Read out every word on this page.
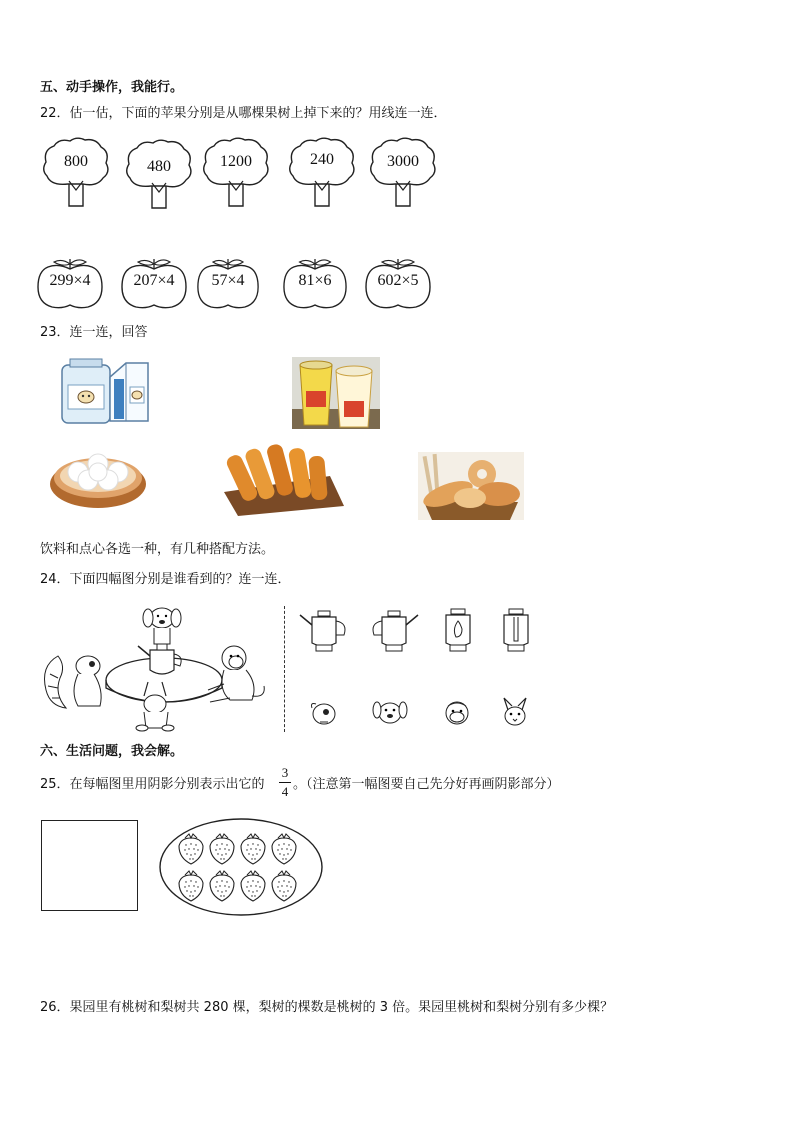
五、动手操作，我能行。
22．估一估，下面的苹果分别是从哪棵果树上掉下来的？用线连一连．
800	480	1200	240	3000
299×4	207×4	57×4	81×6	602×5
23．连一连，回答
饮料和点心各选一种，有几种搭配方法。
24．下面四幅图分别是谁看到的？连一连．
六、生活问题，我会解。
25．在每幅图里用阴影分别表示出它的
3
4 。（注意第一幅图要自己先分好再画阴影部分）
26．果园里有桃树和梨树共 280 棵，梨树的棵数是桃树的 3 倍。果园里桃树和梨树分别有多少棵？
